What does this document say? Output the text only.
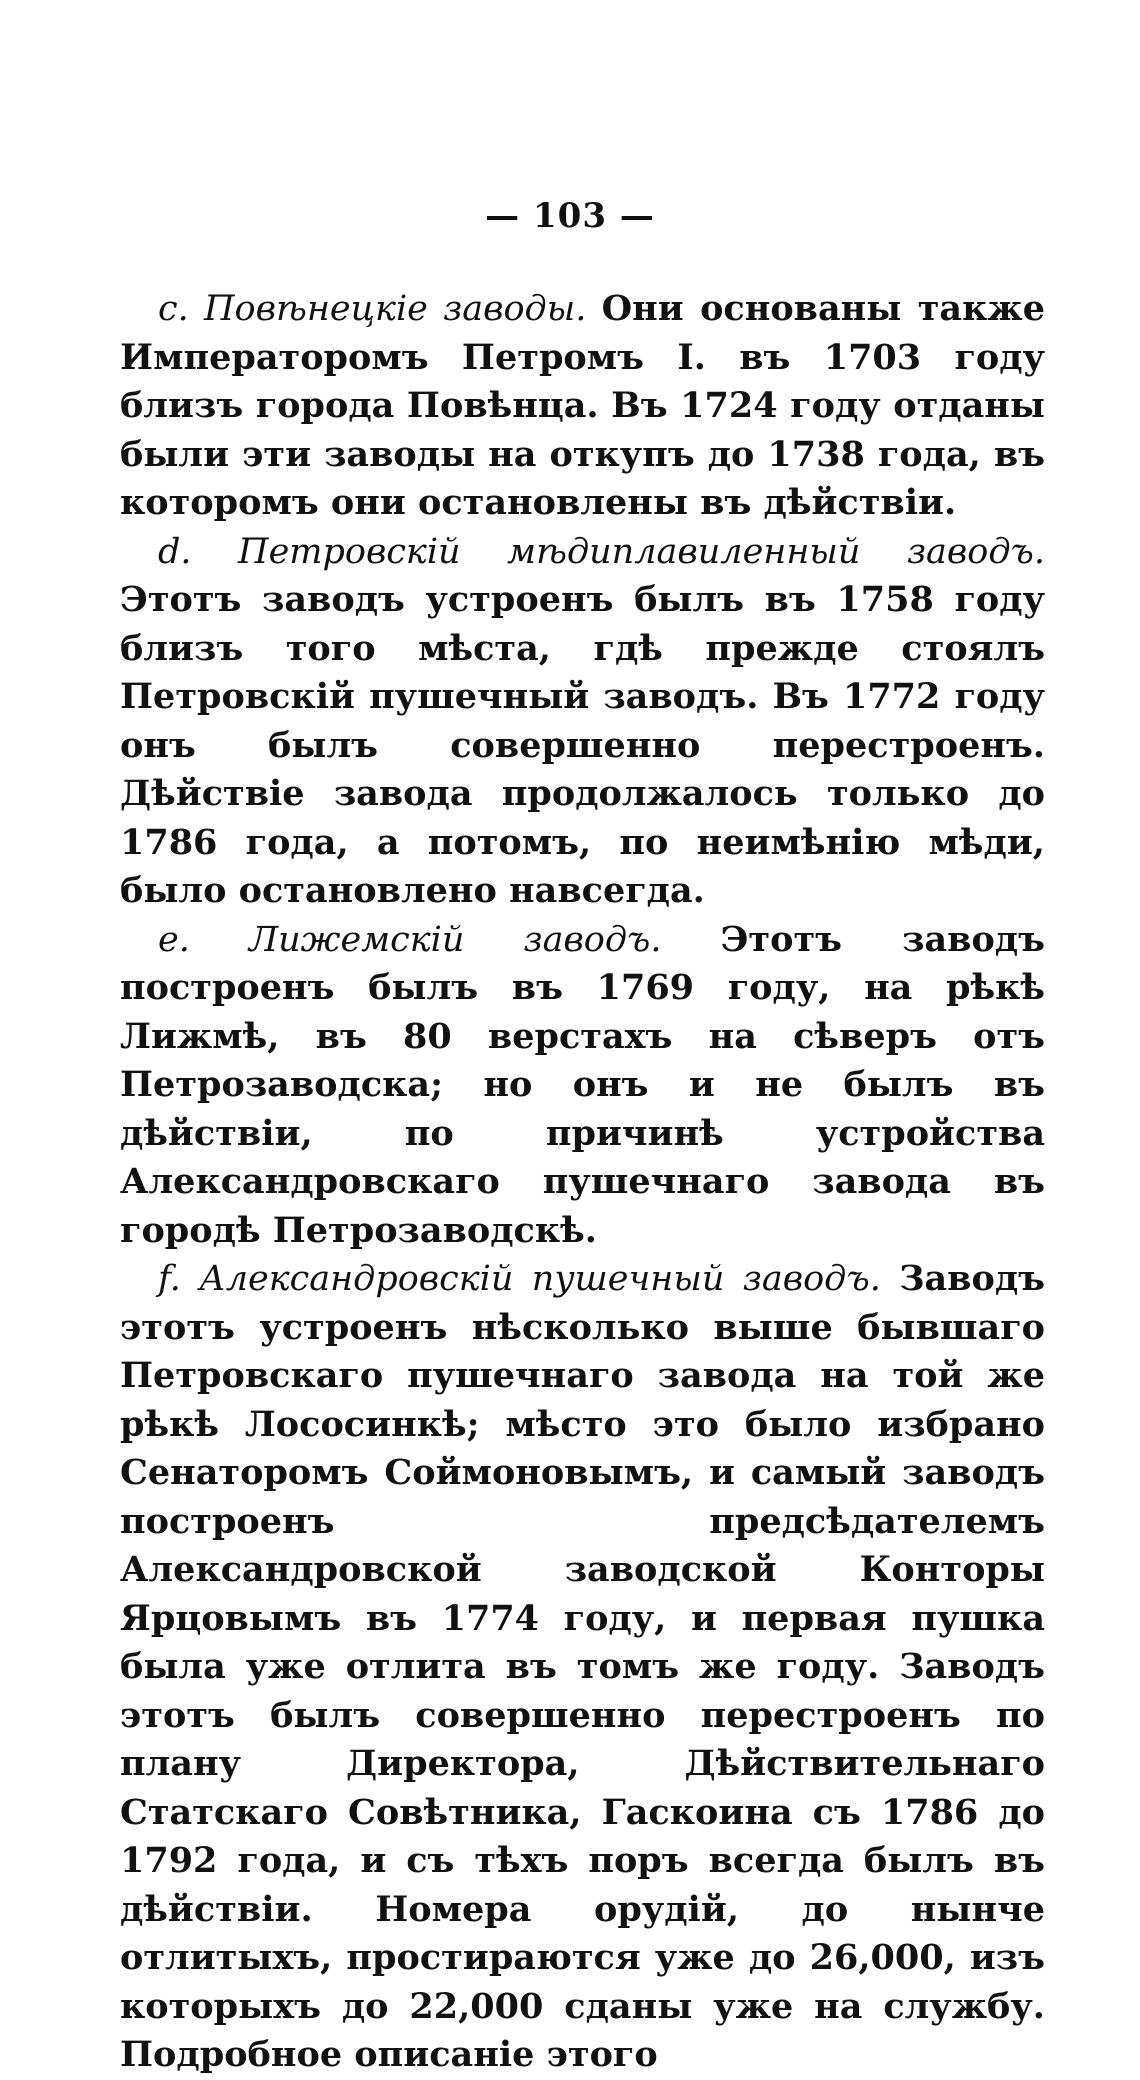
— 103 —

c. Повѣнецкіе заводы. Они основаны также Императоромъ Петромъ I. въ 1703 году близъ города Повѣнца. Въ 1724 году отданы были эти заводы на откупъ до 1738 года, въ которомъ они остановлены въ дѣйствіи.

d. Петровскій мѣдиплавиленный заводъ. Этотъ заводъ устроенъ былъ въ 1758 году близъ того мѣста, гдѣ прежде стоялъ Петровскій пушечный заводъ. Въ 1772 году онъ былъ совершенно перестроенъ. Дѣйствіе завода продолжалось только до 1786 года, а потомъ, по неимѣнію мѣди, было остановлено навсегда.

e. Лижемскій заводъ. Этотъ заводъ построенъ былъ въ 1769 году, на рѣкѣ Лижмѣ, въ 80 верстахъ на сѣверъ отъ Петрозаводска; но онъ и не былъ въ дѣйствіи, по причинѣ устройства Александровскаго пушечнаго завода въ городѣ Петрозаводскѣ.

f. Александровскій пушечный заводъ. Заводъ этотъ устроенъ нѣсколько выше бывшаго Петровскаго пушечнаго завода на той же рѣкѣ Лососинкѣ; мѣсто это было избрано Сенаторомъ Соймоновымъ, и самый заводъ построенъ предсѣдателемъ Александровской заводской Конторы Ярцовымъ въ 1774 году, и первая пушка была уже отлита въ томъ же году. Заводъ этотъ былъ совершенно перестроенъ по плану Директора, Дѣйствительнаго Статскаго Совѣтника, Гаскоина съ 1786 до 1792 года, и съ тѣхъ поръ всегда былъ въ дѣйствіи. Номера орудій, до нынче отлитыхъ, простираются уже до 26,000, изъ которыхъ до 22,000 сданы уже на службу. Подробное описаніе этого
